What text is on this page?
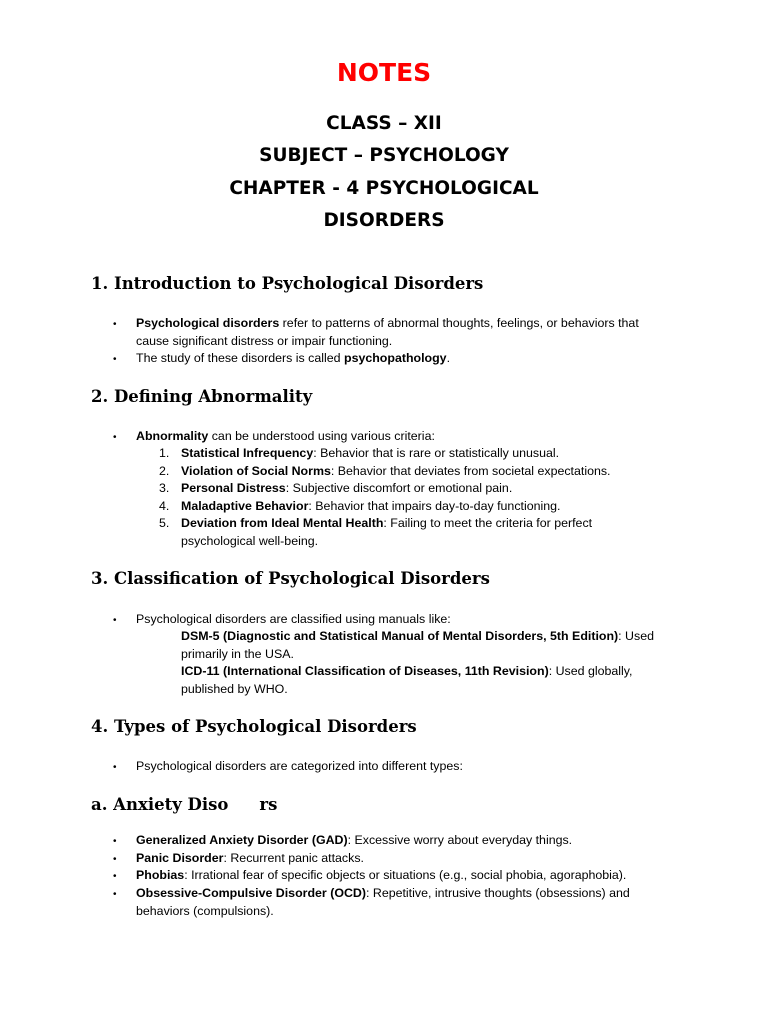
NOTES
CLASS – XII
SUBJECT – PSYCHOLOGY
CHAPTER - 4 PSYCHOLOGICAL
DISORDERS
1. Introduction to Psychological Disorders
• Psychological disorders refer to patterns of abnormal thoughts, feelings, or behaviors that
cause significant distress or impair functioning.
• The study of these disorders is called psychopathology.
2. Defining Abnormality
• Abnormality can be understood using various criteria:
1. Statistical Infrequency: Behavior that is rare or statistically unusual.
2. Violation of Social Norms: Behavior that deviates from societal expectations.
3. Personal Distress: Subjective discomfort or emotional pain.
4. Maladaptive Behavior: Behavior that impairs day-to-day functioning.
5. Deviation from Ideal Mental Health: Failing to meet the criteria for perfect
psychological well-being.
3. Classification of Psychological Disorders
• Psychological disorders are classified using manuals like:
DSM-5 (Diagnostic and Statistical Manual of Mental Disorders, 5th Edition): Used
primarily in the USA.
ICD-11 (International Classification of Diseases, 11th Revision): Used globally,
published by WHO.
4. Types of Psychological Disorders
• Psychological disorders are categorized into different types:
a. Anxiety Diso rs
• Generalized Anxiety Disorder (GAD): Excessive worry about everyday things.
• Panic Disorder: Recurrent panic attacks.
• Phobias: Irrational fear of specific objects or situations (e.g., social phobia, agoraphobia).
• Obsessive-Compulsive Disorder (OCD): Repetitive, intrusive thoughts (obsessions) and
behaviors (compulsions).
